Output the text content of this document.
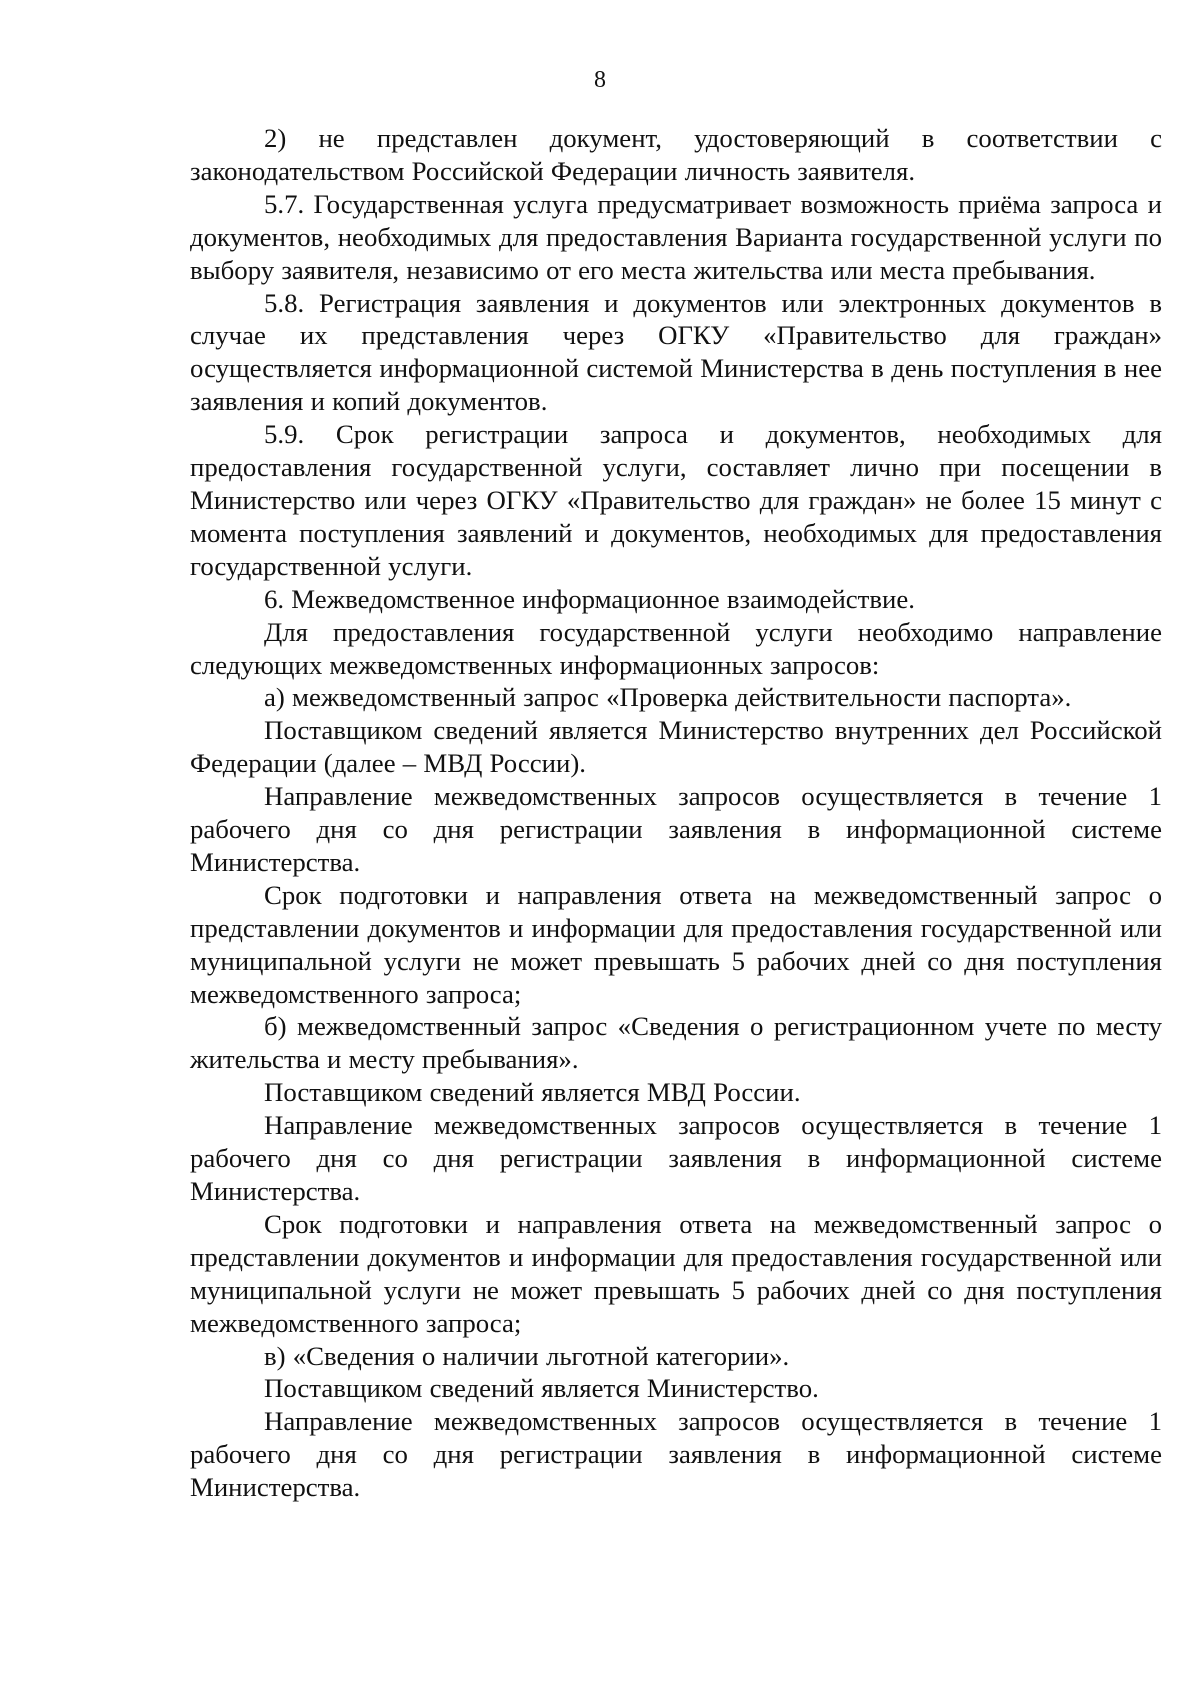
8

2) не представлен документ, удостоверяющий в соответствии с законодательством Российской Федерации личность заявителя.

5.7. Государственная услуга предусматривает возможность приёма запроса и документов, необходимых для предоставления Варианта государственной услуги по выбору заявителя, независимо от его места жительства или места пребывания.

5.8. Регистрация заявления и документов или электронных документов в случае их представления через ОГКУ «Правительство для граждан» осуществляется информационной системой Министерства в день поступления в нее заявления и копий документов.

5.9. Срок регистрации запроса и документов, необходимых для предоставления государственной услуги, составляет лично при посещении в Министерство или через ОГКУ «Правительство для граждан» не более 15 минут с момента поступления заявлений и документов, необходимых для предоставления государственной услуги.

6. Межведомственное информационное взаимодействие.

Для предоставления государственной услуги необходимо направление следующих межведомственных информационных запросов:

а) межведомственный запрос «Проверка действительности паспорта».

Поставщиком сведений является Министерство внутренних дел Российской Федерации (далее – МВД России).

Направление межведомственных запросов осуществляется в течение 1 рабочего дня со дня регистрации заявления в информационной системе Министерства.

Срок подготовки и направления ответа на межведомственный запрос о представлении документов и информации для предоставления государственной или муниципальной услуги не может превышать 5 рабочих дней со дня поступления межведомственного запроса;

б) межведомственный запрос «Сведения о регистрационном учете по месту жительства и месту пребывания».

Поставщиком сведений является МВД России.

Направление межведомственных запросов осуществляется в течение 1 рабочего дня со дня регистрации заявления в информационной системе Министерства.

Срок подготовки и направления ответа на межведомственный запрос о представлении документов и информации для предоставления государственной или муниципальной услуги не может превышать 5 рабочих дней со дня поступления межведомственного запроса;

в) «Сведения о наличии льготной категории».

Поставщиком сведений является Министерство.

Направление межведомственных запросов осуществляется в течение 1 рабочего дня со дня регистрации заявления в информационной системе Министерства.
